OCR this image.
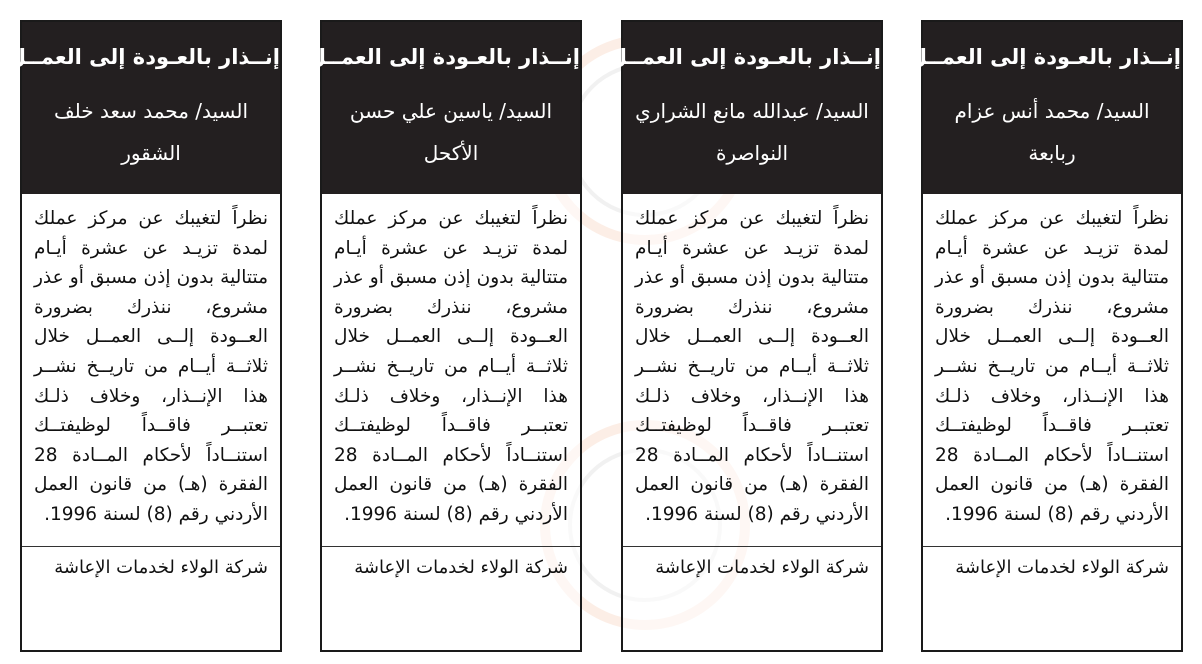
إنــذار بالعـودة إلى العمــل
السيد/ محمد سعد خلف الشقور
نظراً لتغيبك عن مركز عملك لمدة تزيـد عن عشرة أيـام متتالية بدون إذن مسبق أو عذر مشروع، ننذرك بضرورة العــودة إلــى العمــل خلال ثلاثــة أيــام من تاريــخ نشــر هذا الإنــذار، وخلاف ذلـك تعتبــر فاقــداً لوظيفتــك استنــاداً لأحكام المــادة 28 الفقرة (هـ) من قانون العمل الأردني رقم (8) لسنة 1996.
شركة الولاء لخدمات الإعاشة
إنــذار بالعـودة إلى العمــل
السيد/ ياسين علي حسن الأكحل
نظراً لتغيبك عن مركز عملك لمدة تزيـد عن عشرة أيـام متتالية بدون إذن مسبق أو عذر مشروع، ننذرك بضرورة العــودة إلــى العمــل خلال ثلاثــة أيــام من تاريــخ نشــر هذا الإنــذار، وخلاف ذلـك تعتبــر فاقــداً لوظيفتــك استنــاداً لأحكام المــادة 28 الفقرة (هـ) من قانون العمل الأردني رقم (8) لسنة 1996.
شركة الولاء لخدمات الإعاشة
إنــذار بالعـودة إلى العمــل
السيد/ عبدالله مانع الشراري النواصرة
نظراً لتغيبك عن مركز عملك لمدة تزيـد عن عشرة أيـام متتالية بدون إذن مسبق أو عذر مشروع، ننذرك بضرورة العــودة إلــى العمــل خلال ثلاثــة أيــام من تاريــخ نشــر هذا الإنــذار، وخلاف ذلـك تعتبــر فاقــداً لوظيفتــك استنــاداً لأحكام المــادة 28 الفقرة (هـ) من قانون العمل الأردني رقم (8) لسنة 1996.
شركة الولاء لخدمات الإعاشة
إنــذار بالعـودة إلى العمــل
السيد/ محمد أنس عزام ربابعة
نظراً لتغيبك عن مركز عملك لمدة تزيـد عن عشرة أيـام متتالية بدون إذن مسبق أو عذر مشروع، ننذرك بضرورة العــودة إلــى العمــل خلال ثلاثــة أيــام من تاريــخ نشــر هذا الإنــذار، وخلاف ذلـك تعتبــر فاقــداً لوظيفتــك استنــاداً لأحكام المــادة 28 الفقرة (هـ) من قانون العمل الأردني رقم (8) لسنة 1996.
شركة الولاء لخدمات الإعاشة
